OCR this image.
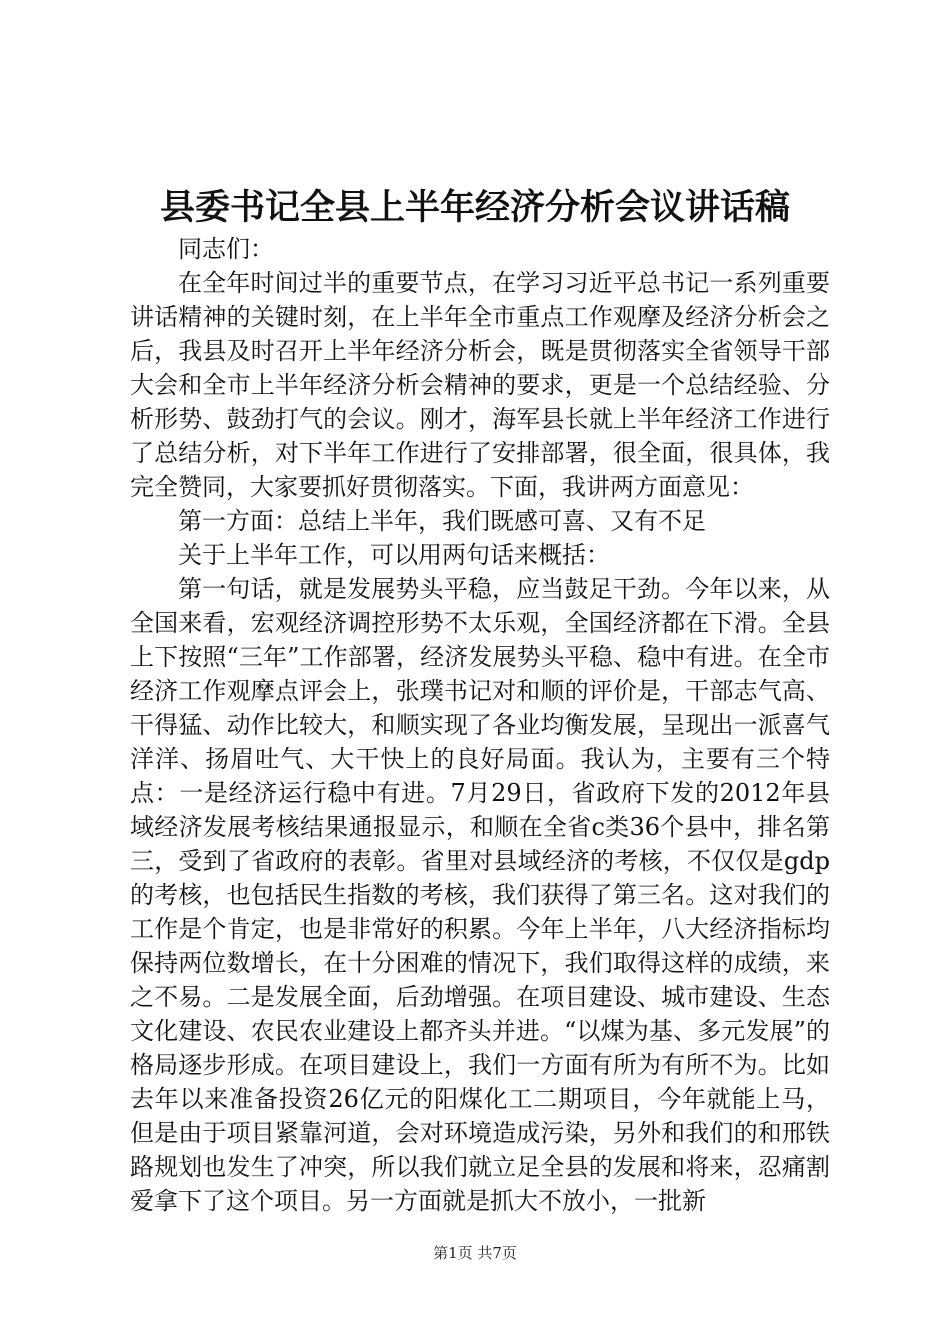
县委书记全县上半年经济分析会议讲话稿

同志们：

在全年时间过半的重要节点，在学习习近平总书记一系列重要讲话精神的关键时刻，在上半年全市重点工作观摩及经济分析会之后，我县及时召开上半年经济分析会，既是贯彻落实全省领导干部大会和全市上半年经济分析会精神的要求，更是一个总结经验、分析形势、鼓劲打气的会议。刚才，海军县长就上半年经济工作进行了总结分析，对下半年工作进行了安排部署，很全面，很具体，我完全赞同，大家要抓好贯彻落实。下面，我讲两方面意见：

第一方面：总结上半年，我们既感可喜、又有不足

关于上半年工作，可以用两句话来概括：

第一句话，就是发展势头平稳，应当鼓足干劲。今年以来，从全国来看，宏观经济调控形势不太乐观，全国经济都在下滑。全县上下按照“三年”工作部署，经济发展势头平稳、稳中有进。在全市经济工作观摩点评会上，张璞书记对和顺的评价是，干部志气高、干得猛、动作比较大，和顺实现了各业均衡发展，呈现出一派喜气洋洋、扬眉吐气、大干快上的良好局面。我认为，主要有三个特点：一是经济运行稳中有进。7月29日，省政府下发的2012年县域经济发展考核结果通报显示，和顺在全省c类36个县中，排名第三，受到了省政府的表彰。省里对县域经济的考核，不仅仅是gdp的考核，也包括民生指数的考核，我们获得了第三名。这对我们的工作是个肯定，也是非常好的积累。今年上半年，八大经济指标均保持两位数增长，在十分困难的情况下，我们取得这样的成绩，来之不易。二是发展全面，后劲增强。在项目建设、城市建设、生态文化建设、农民农业建设上都齐头并进。“以煤为基、多元发展”的格局逐步形成。在项目建设上，我们一方面有所为有所不为。比如去年以来准备投资26亿元的阳煤化工二期项目，今年就能上马，但是由于项目紧靠河道，会对环境造成污染，另外和我们的和邢铁路规划也发生了冲突，所以我们就立足全县的发展和将来，忍痛割爱拿下了这个项目。另一方面就是抓大不放小，一批新

第1页 共7页
